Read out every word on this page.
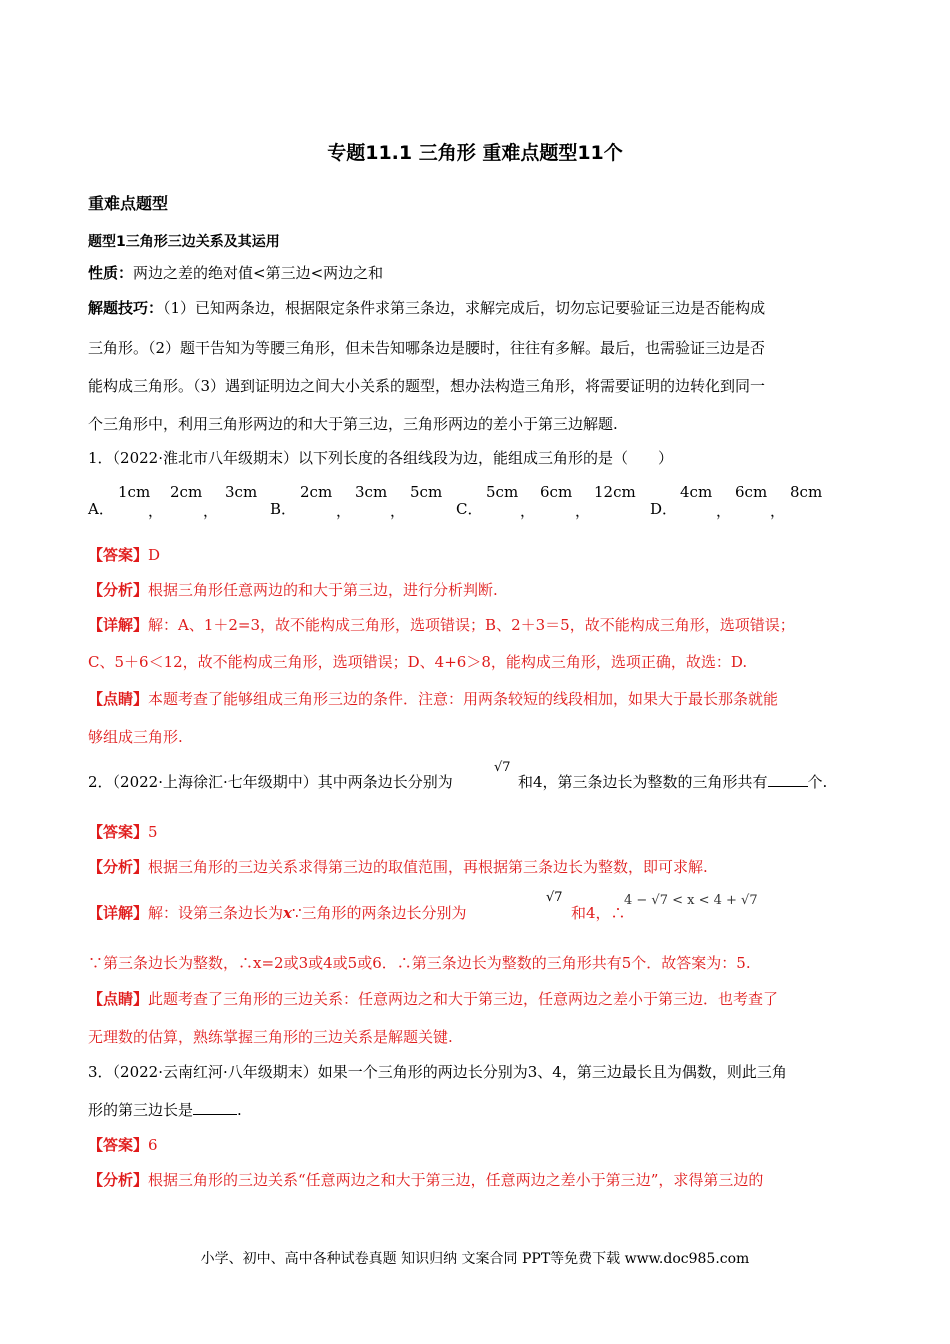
专题11.1 三角形 重难点题型11个
重难点题型
题型1三角形三边关系及其运用
性质：两边之差的绝对值<第三边<两边之和
解题技巧：（1）已知两条边，根据限定条件求第三条边，求解完成后，切勿忘记要验证三边是否能构成
三角形。（2）题干告知为等腰三角形，但未告知哪条边是腰时，往往有多解。最后，也需验证三边是否
能构成三角形。（3）遇到证明边之间大小关系的题型，想办法构造三角形，将需要证明的边转化到同一
个三角形中，利用三角形两边的和大于第三边，三角形两边的差小于第三边解题.
1．（2022·淮北市八年级期末）以下列长度的各组线段为边，能组成三角形的是（　　）
A．
1cm
，
2cm
，
3cm
B．
2cm
，
3cm
，
5cm
C．
5cm
，
6cm
，
12cm
D．
4cm
，
6cm
，
8cm
【答案】D
【分析】根据三角形任意两边的和大于第三边，进行分析判断.
【详解】解：A、1＋2=3，故不能构成三角形，选项错误；B、2＋3＝5，故不能构成三角形，选项错误；
C、5＋6＜12，故不能构成三角形，选项错误；D、4+6＞8，能构成三角形，选项正确，故选：D.
【点睛】本题考查了能够组成三角形三边的条件．注意：用两条较短的线段相加，如果大于最长那条就能
够组成三角形.
2．（2022·上海徐汇·七年级期中）其中两条边长分别为
√7
和4，第三条边长为整数的三角形共有	个.
【答案】5
【分析】根据三角形的三边关系求得第三边的取值范围，再根据第三条边长为整数，即可求解.
【详解】解：设第三条边长为x∵三角形的两条边长分别为
√7
和4，∴
4 − √7 < x < 4 + √7
∵第三条边长为整数，∴x=2或3或4或5或6．∴第三条边长为整数的三角形共有5个．故答案为：5.
【点睛】此题考查了三角形的三边关系：任意两边之和大于第三边，任意两边之差小于第三边．也考查了
无理数的估算，熟练掌握三角形的三边关系是解题关键.
3．（2022·云南红河·八年级期末）如果一个三角形的两边长分别为3、4，第三边最长且为偶数，则此三角
形的第三边长是	.
【答案】6
【分析】根据三角形的三边关系“任意两边之和大于第三边，任意两边之差小于第三边”，求得第三边的
小学、初中、高中各种试卷真题 知识归纳 文案合同 PPT等免费下载 www.doc985.com
